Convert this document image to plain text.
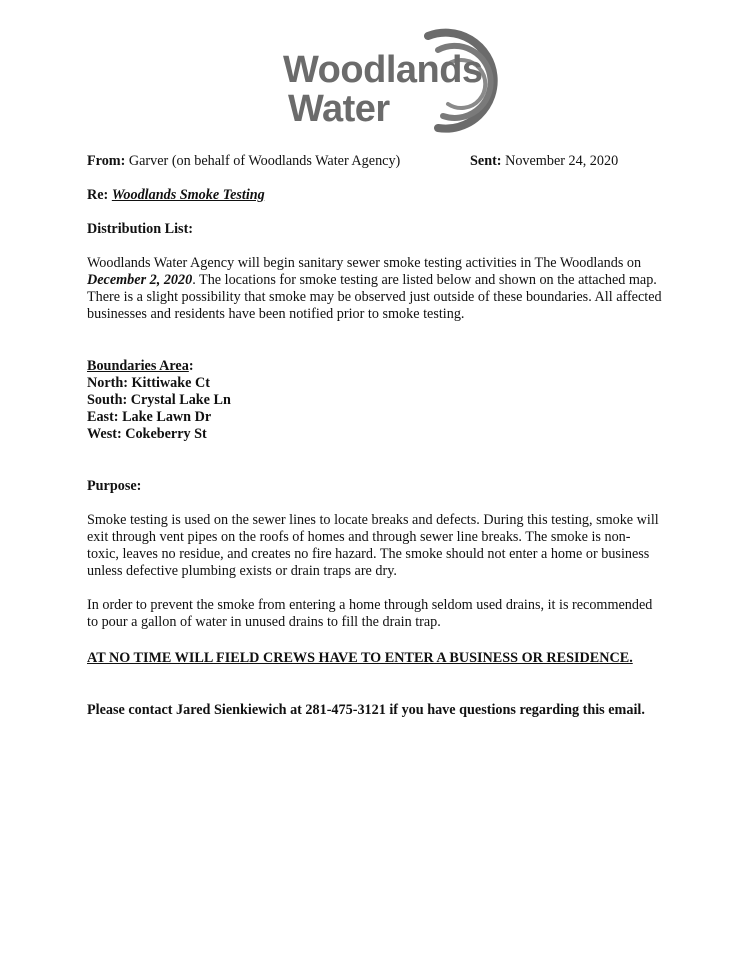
Woodlands
Water
From: Garver (on behalf of Woodlands Water Agency)	Sent: November 24, 2020

Re: Woodlands Smoke Testing

Distribution List:

Woodlands Water Agency will begin sanitary sewer smoke testing activities in The Woodlands on December 2, 2020. The locations for smoke testing are listed below and shown on the attached map. There is a slight possibility that smoke may be observed just outside of these boundaries. All affected businesses and residents have been notified prior to smoke testing.

Boundaries Area:

North: Kittiwake Ct

South: Crystal Lake Ln

East: Lake Lawn Dr

West: Cokeberry St

Purpose:

Smoke testing is used on the sewer lines to locate breaks and defects. During this testing, smoke will exit through vent pipes on the roofs of homes and through sewer line breaks. The smoke is non-toxic, leaves no residue, and creates no fire hazard. The smoke should not enter a home or business unless defective plumbing exists or drain traps are dry.

In order to prevent the smoke from entering a home through seldom used drains, it is recommended to pour a gallon of water in unused drains to fill the drain trap.

AT NO TIME WILL FIELD CREWS HAVE TO ENTER A BUSINESS OR RESIDENCE.

Please contact Jared Sienkiewich at 281-475-3121 if you have questions regarding this email.
